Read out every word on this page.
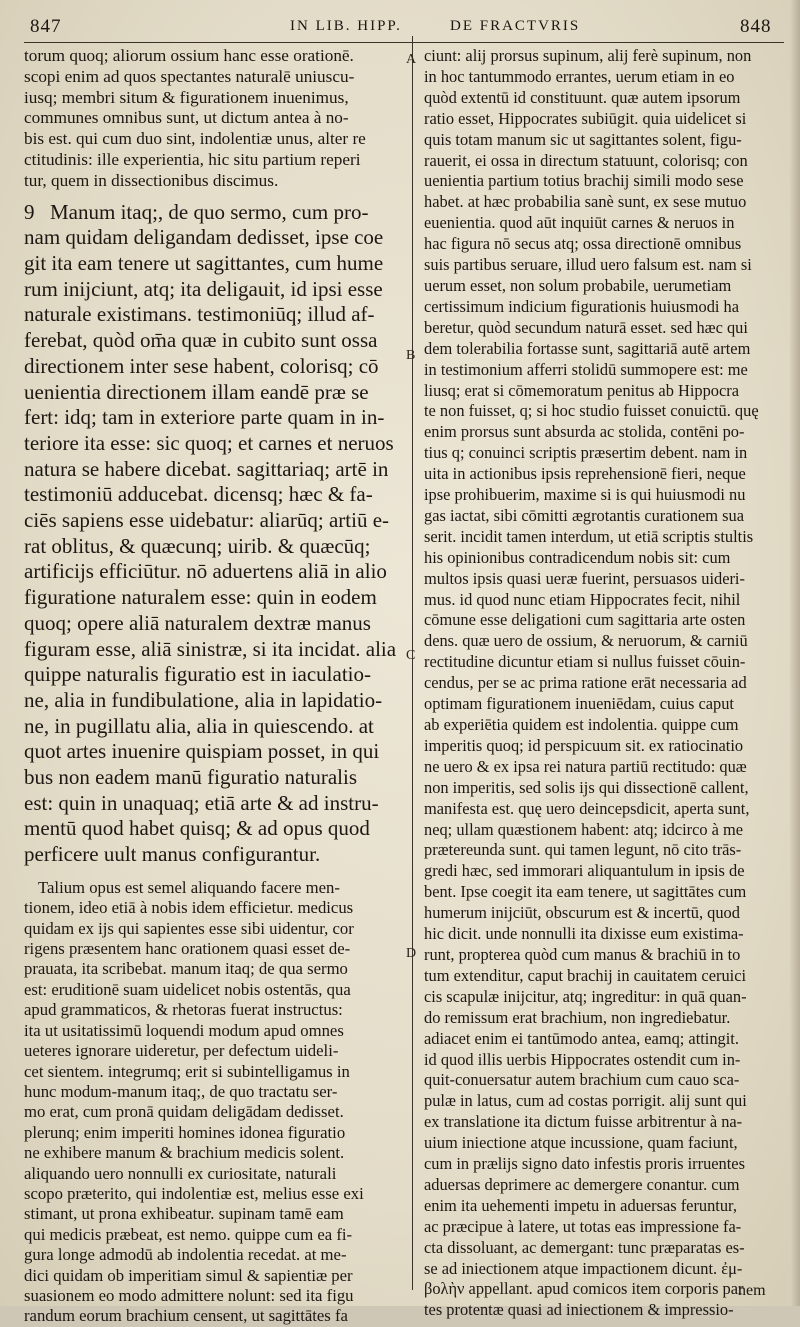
847	IN LIB. HIPP.	DE FRACTVRIS	848
A
B
C
D
torum quoq; aliorum ossium hanc esse orationē.
scopi enim ad quos spectantes naturalē uniuscu-
iusq; membri situm & figurationem inuenimus,
communes omnibus sunt, ut dictum antea à no-
bis est. qui cum duo sint, indolentiæ unus, alter re
ctitudinis: ille experientia, hic situ partium reperi
tur, quem in dissectionibus discimus.
9 Manum itaq;, de quo sermo, cum pro-
nam quidam deligandam dedisset, ipse coe
git ita eam tenere ut sagittantes, cum hume
rum inijciunt, atq; ita deligauit, id ipsi esse
naturale existimans. testimoniūq; illud af-
ferebat, quòd om̄a quæ in cubito sunt ossa
directionem inter sese habent, colorisq; cō
uenientia directionem illam eandē præ se
fert: idq; tam in exteriore parte quam in in-
teriore ita esse: sic quoq; et carnes et neruos
natura se habere dicebat. sagittariaq; artē in
testimoniū adducebat. dicensq; hæc & fa-
ciēs sapiens esse uidebatur: aliarūq; artiū e-
rat oblitus, & quæcunq; uirib. & quæcūq;
artificijs efficiūtur. nō aduertens aliā in alio
figuratione naturalem esse: quin in eodem
quoq; opere aliā naturalem dextræ manus
figuram esse, aliā sinistræ, si ita incidat. alia
quippe naturalis figuratio est in iaculatio-
ne, alia in fundibulatione, alia in lapidatio-
ne, in pugillatu alia, alia in quiescendo. at
quot artes inuenire quispiam posset, in qui
bus non eadem manū figuratio naturalis
est: quin in unaquaq; etiā arte & ad instru-
mentū quod habet quisq; & ad opus quod
perficere uult manus configurantur.
Talium opus est semel aliquando facere men-
tionem, ideo etiā à nobis idem efficietur. medicus
quidam ex ijs qui sapientes esse sibi uidentur, cor
rigens præsentem hanc orationem quasi esset de-
prauata, ita scribebat. manum itaq; de qua sermo
est: eruditionē suam uidelicet nobis ostentās, qua
apud grammaticos, & rhetoras fuerat instructus:
ita ut usitatissimū loquendi modum apud omnes
ueteres ignorare uideretur, per defectum uideli-
cet sientem. integrumq; erit si subintelligamus in
hunc modum-manum itaq;, de quo tractatu ser-
mo erat, cum pronā quidam deligādam dedisset.
plerunq; enim imperiti homines idonea figuratio
ne exhibere manum & brachium medicis solent.
aliquando uero nonnulli ex curiositate, naturali
scopo præterito, qui indolentiæ est, melius esse exi
stimant, ut prona exhibeatur. supinam tamē eam
qui medicis præbeat, est nemo. quippe cum ea fi-
gura longe admodū ab indolentia recedat. at me-
dici quidam ob imperitiam simul & sapientiæ per
suasionem eo modo admittere nolunt: sed ita figu
randum eorum brachium censent, ut sagittātes fa
ciunt: alij prorsus supinum, alij ferè supinum, non
in hoc tantummodo errantes, uerum etiam in eo
quòd extentū id constituunt. quæ autem ipsorum
ratio esset, Hippocrates subiūgit. quia uidelicet si
quis totam manum sic ut sagittantes solent, figu-
rauerit, ei ossa in directum statuunt, colorisq; con
uenientia partium totius brachij simili modo sese
habet. at hæc probabilia sanè sunt, ex sese mutuo
euenientia. quod aūt inquiūt carnes & neruos in
hac figura nō secus atq; ossa directionē omnibus
suis partibus seruare, illud uero falsum est. nam si
uerum esset, non solum probabile, uerumetiam
certissimum indicium figurationis huiusmodi ha
beretur, quòd secundum naturā esset. sed hæc qui
dem tolerabilia fortasse sunt, sagittariā autē artem
in testimonium afferri stolidū summopere est: me
liusq; erat si cōmemoratum penitus ab Hippocra
te non fuisset, q; si hoc studio fuisset conuictū. quę
enim prorsus sunt absurda ac stolida, contēni po-
tius q; conuinci scriptis præsertim debent. nam in
uita in actionibus ipsis reprehensionē fieri, neque
ipse prohibuerim, maxime si is qui huiusmodi nu
gas iactat, sibi cōmitti ægrotantis curationem sua
serit. incidit tamen interdum, ut etiā scriptis stultis
his opinionibus contradicendum nobis sit: cum
multos ipsis quasi ueræ fuerint, persuasos uideri-
mus. id quod nunc etiam Hippocrates fecit, nihil
cōmune esse deligationi cum sagittaria arte osten
dens. quæ uero de ossium, & neruorum, & carniū
rectitudine dicuntur etiam si nullus fuisset cōuin-
cendus, per se ac prima ratione erāt necessaria ad
optimam figurationem inueniēdam, cuius caput
ab experiētia quidem est indolentia. quippe cum
imperitis quoq; id perspicuum sit. ex ratiocinatio
ne uero & ex ipsa rei natura partiū rectitudo: quæ
non imperitis, sed solis ijs qui dissectionē callent,
manifesta est. quę uero deincepsdicit, aperta sunt,
neq; ullam quæstionem habent: atq; idcirco à me
prætereunda sunt. qui tamen legunt, nō cito trās-
gredi hæc, sed immorari aliquantulum in ipsis de
bent. Ipse coegit ita eam tenere, ut sagittātes cum
humerum inijciūt, obscurum est & incertū, quod
hic dicit. unde nonnulli ita dixisse eum existima-
runt, propterea quòd cum manus & brachiū in to
tum extenditur, caput brachij in cauitatem ceruici
cis scapulæ inijcitur, atq; ingreditur: in quā quan-
do remissum erat brachium, non ingrediebatur.
adiacet enim ei tantūmodo antea, eamq; attingit.
id quod illis uerbis Hippocrates ostendit cum in-
quit-conuersatur autem brachium cum cauo sca-
pulæ in latus, cum ad costas porrigit. alij sunt qui
ex translatione ita dictum fuisse arbitrentur à na-
uium iniectione atque incussione, quam faciunt,
cum in prælijs signo dato infestis proris irruentes
aduersas deprimere ac demergere conantur. cum
enim ita uehementi impetu in aduersas feruntur,
ac præcipue à latere, ut totas eas impressione fa-
cta dissoluant, ac demergant: tunc præparatas es-
se ad iniectionem atque impactionem dicunt. ἐμ-
βολὴν appellant. apud comicos item corporis par
tes protentæ quasi ad iniectionem & impressio-
nem
